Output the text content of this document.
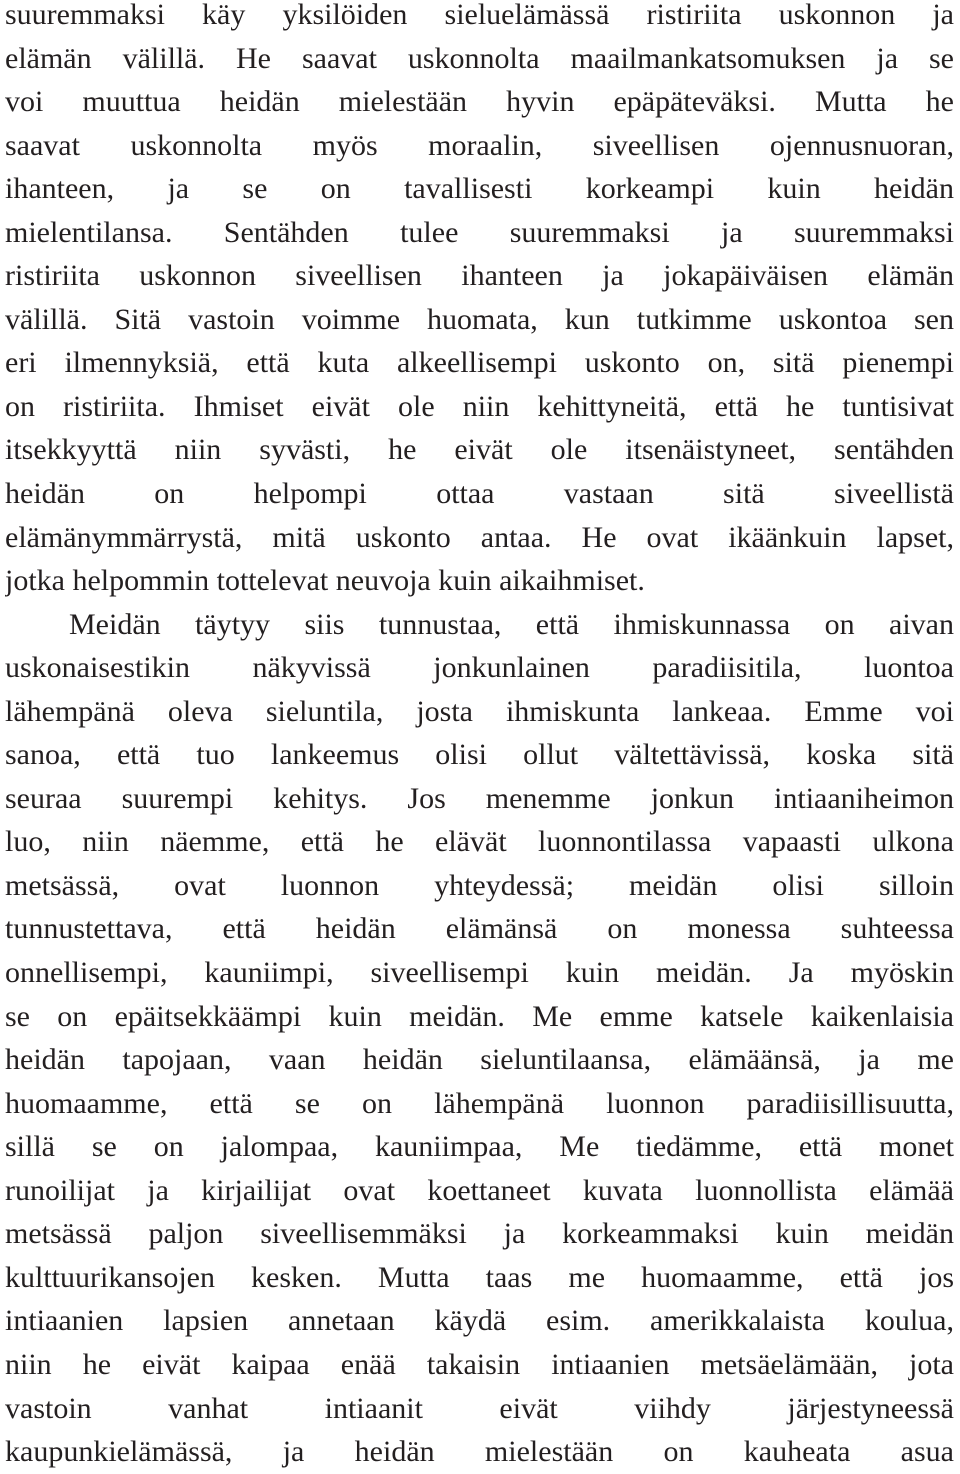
suuremmaksi käy yksilöiden sieluelämässä ristiriita uskonnon ja
elämän välillä. He saavat uskonnolta maailmankatsomuksen ja se
voi muuttua heidän mielestään hyvin epäpäteväksi. Mutta he
saavat uskonnolta myös moraalin, siveellisen ojennusnuoran,
ihanteen, ja se on tavallisesti korkeampi kuin heidän
mielentilansa. Sentähden tulee suuremmaksi ja suuremmaksi
ristiriita uskonnon siveellisen ihanteen ja jokapäiväisen elämän
välillä. Sitä vastoin voimme huomata, kun tutkimme uskontoa sen
eri ilmennyksiä, että kuta alkeellisempi uskonto on, sitä pienempi
on ristiriita. Ihmiset eivät ole niin kehittyneitä, että he tuntisivat
itsekkyyttä niin syvästi, he eivät ole itsenäistyneet, sentähden
heidän on helpompi ottaa vastaan sitä siveellistä
elämänymmärrystä, mitä uskonto antaa. He ovat ikäänkuin lapset,
jotka helpommin tottelevat neuvoja kuin aikaihmiset.
Meidän täytyy siis tunnustaa, että ihmiskunnassa on aivan
uskonaisestikin näkyvissä jonkunlainen paradiisitila, luontoa
lähempänä oleva sieluntila, josta ihmiskunta lankeaa. Emme voi
sanoa, että tuo lankeemus olisi ollut vältettävissä, koska sitä
seuraa suurempi kehitys. Jos menemme jonkun intiaaniheimon
luo, niin näemme, että he elävät luonnontilassa vapaasti ulkona
metsässä, ovat luonnon yhteydessä; meidän olisi silloin
tunnustettava, että heidän elämänsä on monessa suhteessa
onnellisempi, kauniimpi, siveellisempi kuin meidän. Ja myöskin
se on epäitsekkäämpi kuin meidän. Me emme katsele kaikenlaisia
heidän tapojaan, vaan heidän sieluntilaansa, elämäänsä, ja me
huomaamme, että se on lähempänä luonnon paradiisillisuutta,
sillä se on jalompaa, kauniimpaa, Me tiedämme, että monet
runoilijat ja kirjailijat ovat koettaneet kuvata luonnollista elämää
metsässä paljon siveellisemmäksi ja korkeammaksi kuin meidän
kulttuurikansojen kesken. Mutta taas me huomaamme, että jos
intiaanien lapsien annetaan käydä esim. amerikkalaista koulua,
niin he eivät kaipaa enää takaisin intiaanien metsäelämään, jota
vastoin vanhat intiaanit eivät viihdy järjestyneessä
kaupunkielämässä, ja heidän mielestään on kauheata asua
